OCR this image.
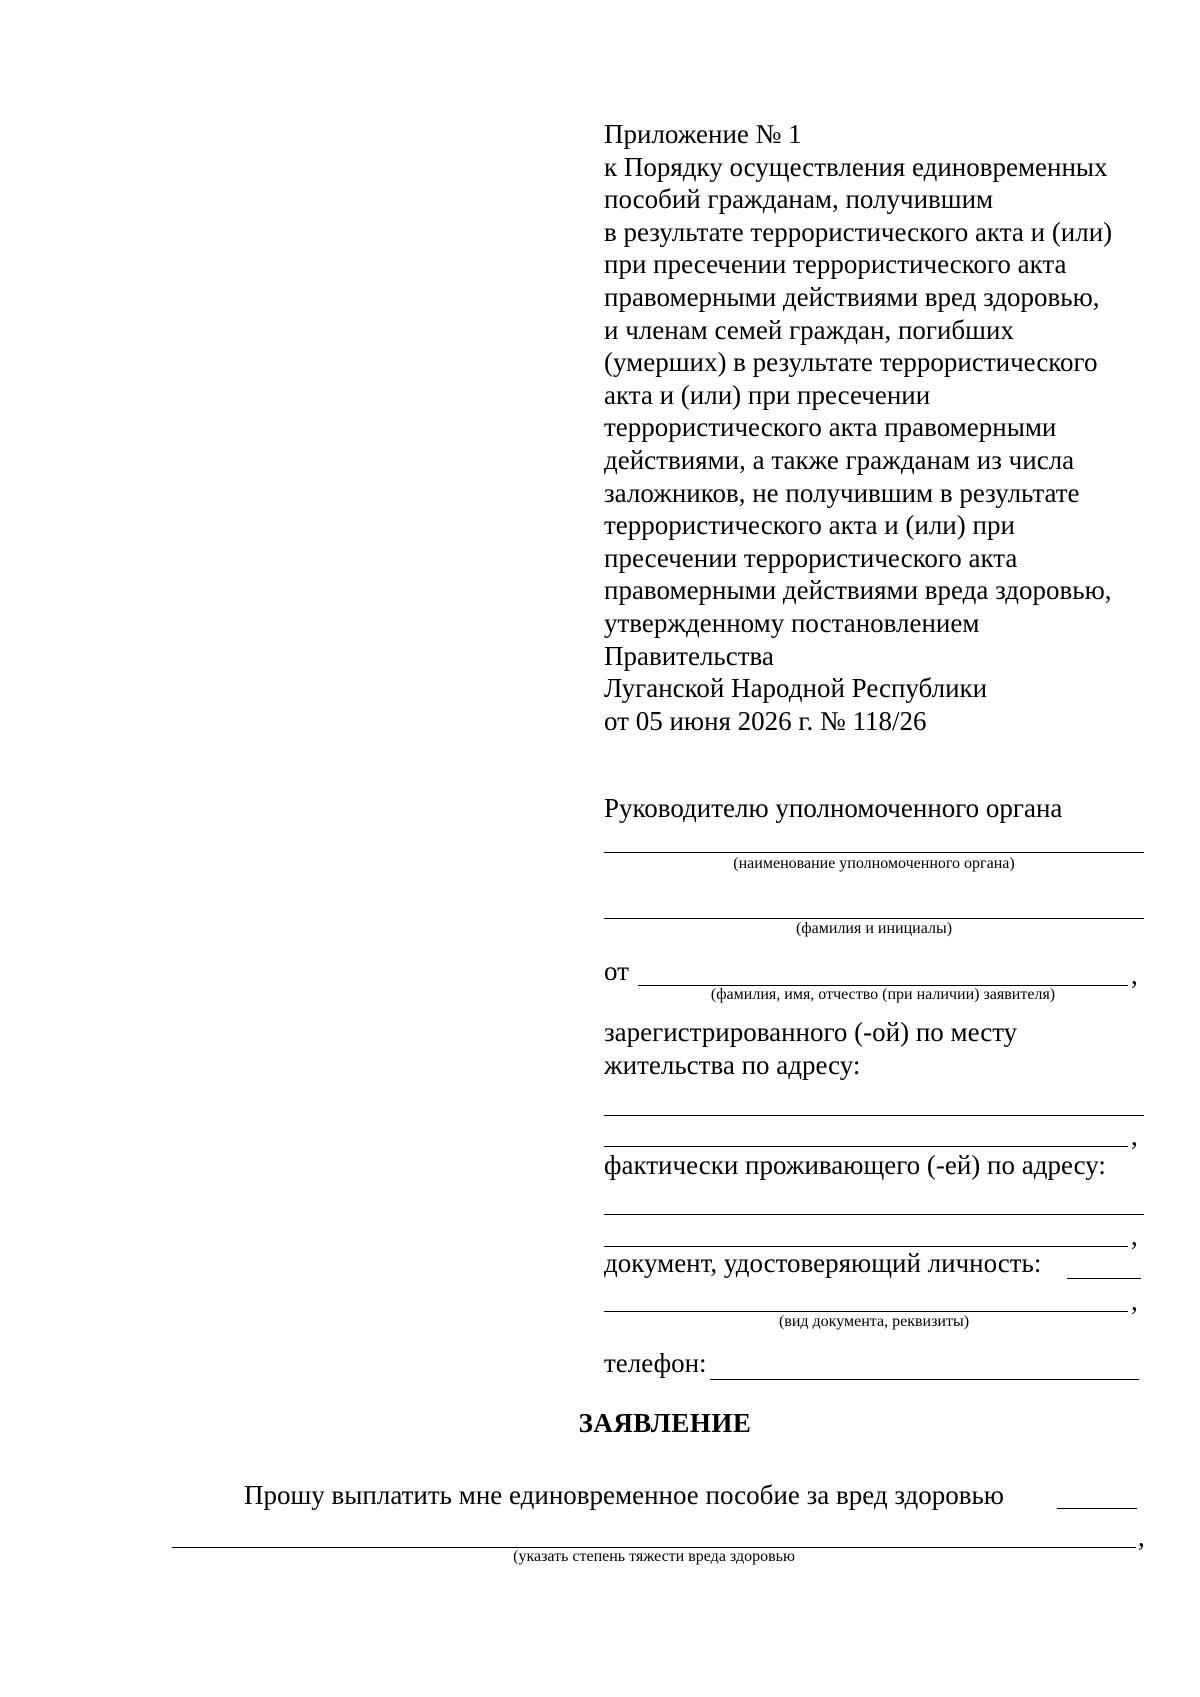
Приложение № 1
к Порядку осуществления единовременных
пособий гражданам, получившим
в результате террористического акта и (или)
при пресечении террористического акта
правомерными действиями вред здоровью,
и членам семей граждан, погибших
(умерших) в результате террористического
акта и (или) при пресечении
террористического акта правомерными
действиями, а также гражданам из числа
заложников, не получившим в результате
террористического акта и (или) при
пресечении террористического акта
правомерными действиями вреда здоровью,
утвержденному постановлением
Правительства
Луганской Народной Республики
от 05 июня 2026 г. № 118/26
Руководителю уполномоченного органа
(наименование уполномоченного органа)
(фамилия и инициалы)
от	,
(фамилия, имя, отчество (при наличии) заявителя)
зарегистрированного (-ой) по месту
жительства по адресу:
,
фактически проживающего (-ей) по адресу:
,
документ, удостоверяющий личность:
,
(вид документа, реквизиты)
телефон:
ЗАЯВЛЕНИЕ
Прошу выплатить мне единовременное пособие за вред здоровью
,
(указать степень тяжести вреда здоровью
